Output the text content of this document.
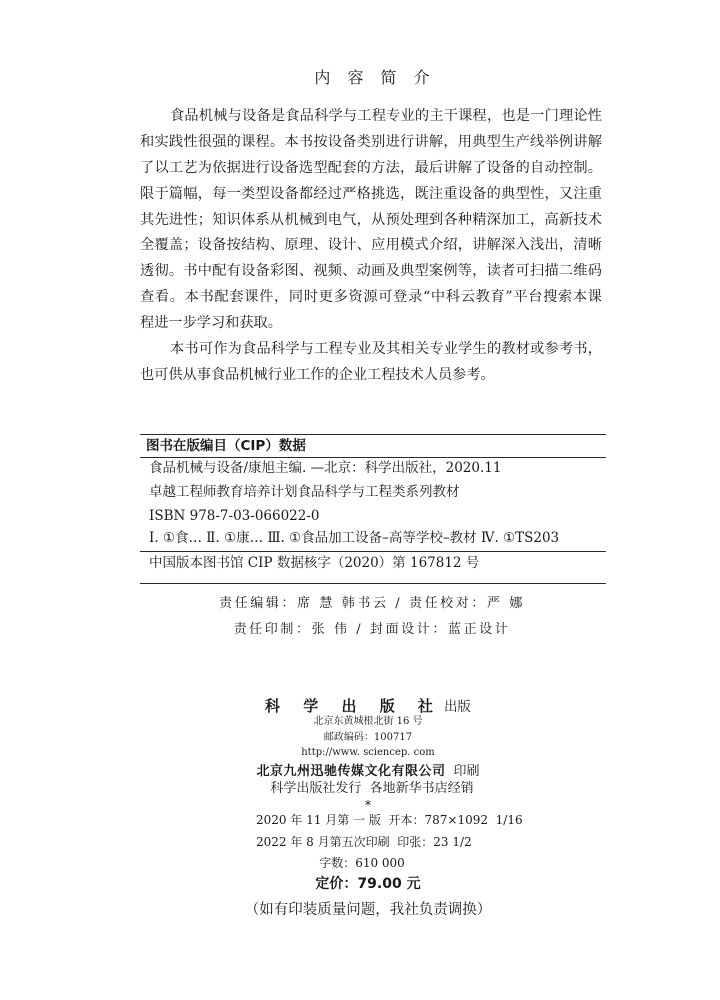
内 容 简 介
食品机械与设备是食品科学与工程专业的主干课程，也是一门理论性
和实践性很强的课程。本书按设备类别进行讲解，用典型生产线举例讲解
了以工艺为依据进行设备选型配套的方法，最后讲解了设备的自动控制。
限于篇幅，每一类型设备都经过严格挑选，既注重设备的典型性，又注重
其先进性；知识体系从机械到电气，从预处理到各种精深加工，高新技术
全覆盖；设备按结构、原理、设计、应用模式介绍，讲解深入浅出，清晰
透彻。书中配有设备彩图、视频、动画及典型案例等，读者可扫描二维码
查看。本书配套课件，同时更多资源可登录“中科云教育”平台搜索本课
程进一步学习和获取。
本书可作为食品科学与工程专业及其相关专业学生的教材或参考书，
也可供从事食品机械行业工作的企业工程技术人员参考。
图书在版编目（CIP）数据
食品机械与设备/康旭主编. —北京：科学出版社，2020.11
卓越工程师教育培养计划食品科学与工程类系列教材
ISBN 978-7-03-066022-0
Ⅰ. ①食… Ⅱ. ①康… Ⅲ. ①食品加工设备–高等学校–教材 Ⅳ. ①TS203
中国版本图书馆 CIP 数据核字（2020）第 167812 号
责任编辑：席 慧 韩书云 / 责任校对：严 娜
责任印制：张 伟 / 封面设计：蓝正设计
科 学 出 版 社 出版
北京东黄城根北街 16 号
邮政编码：100717
http://www. sciencep. com
北京九州迅驰传媒文化有限公司 印刷
科学出版社发行  各地新华书店经销
*
2020 年 11 月第 一 版  开本：787×1092  1/16
2022 年 8 月第五次印刷  印张：23 1/2
字数：610 000
定价：79.00 元
（如有印装质量问题，我社负责调换）
